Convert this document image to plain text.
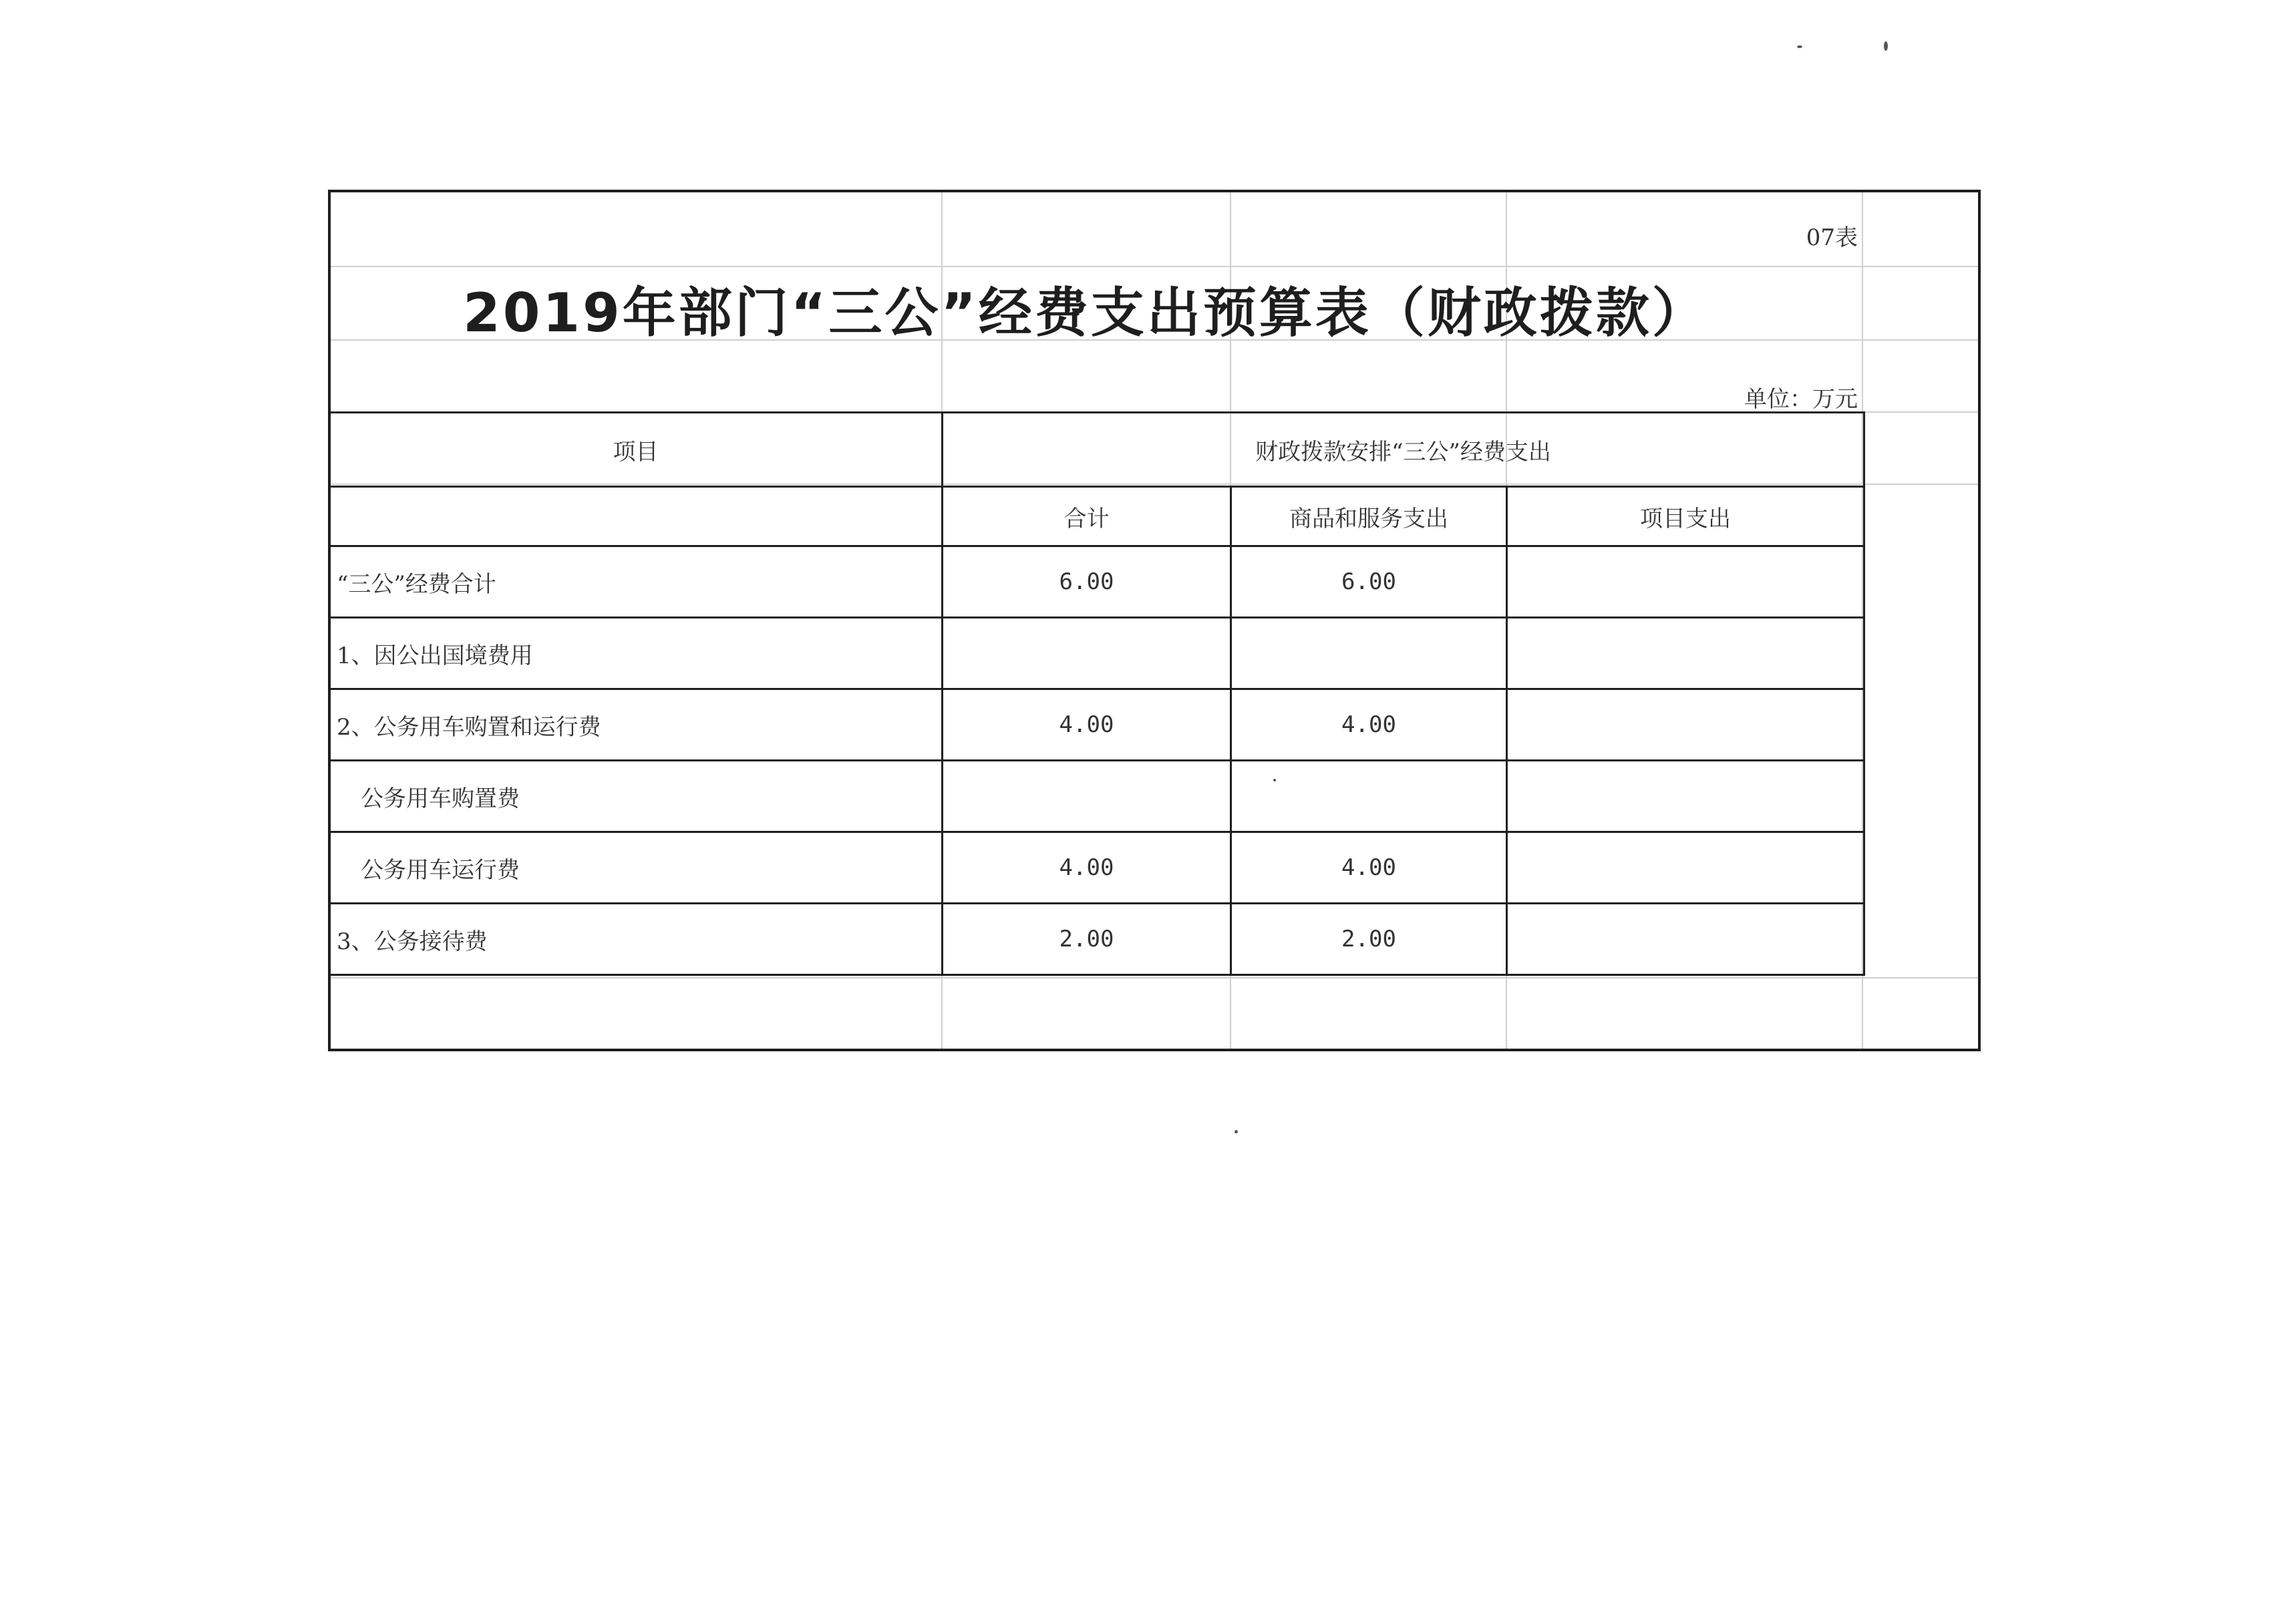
07表
2019年部门“三公”经费支出预算表（财政拨款）
单位：万元
项目	财政拨款安排“三公”经费支出		
	合计	商品和服务支出	项目支出
“三公”经费合计	6.00	6.00	
1、因公出国境费用			
2、公务用车购置和运行费	4.00	4.00	
公务用车购置费			
公务用车运行费	4.00	4.00	
3、公务接待费	2.00	2.00	
